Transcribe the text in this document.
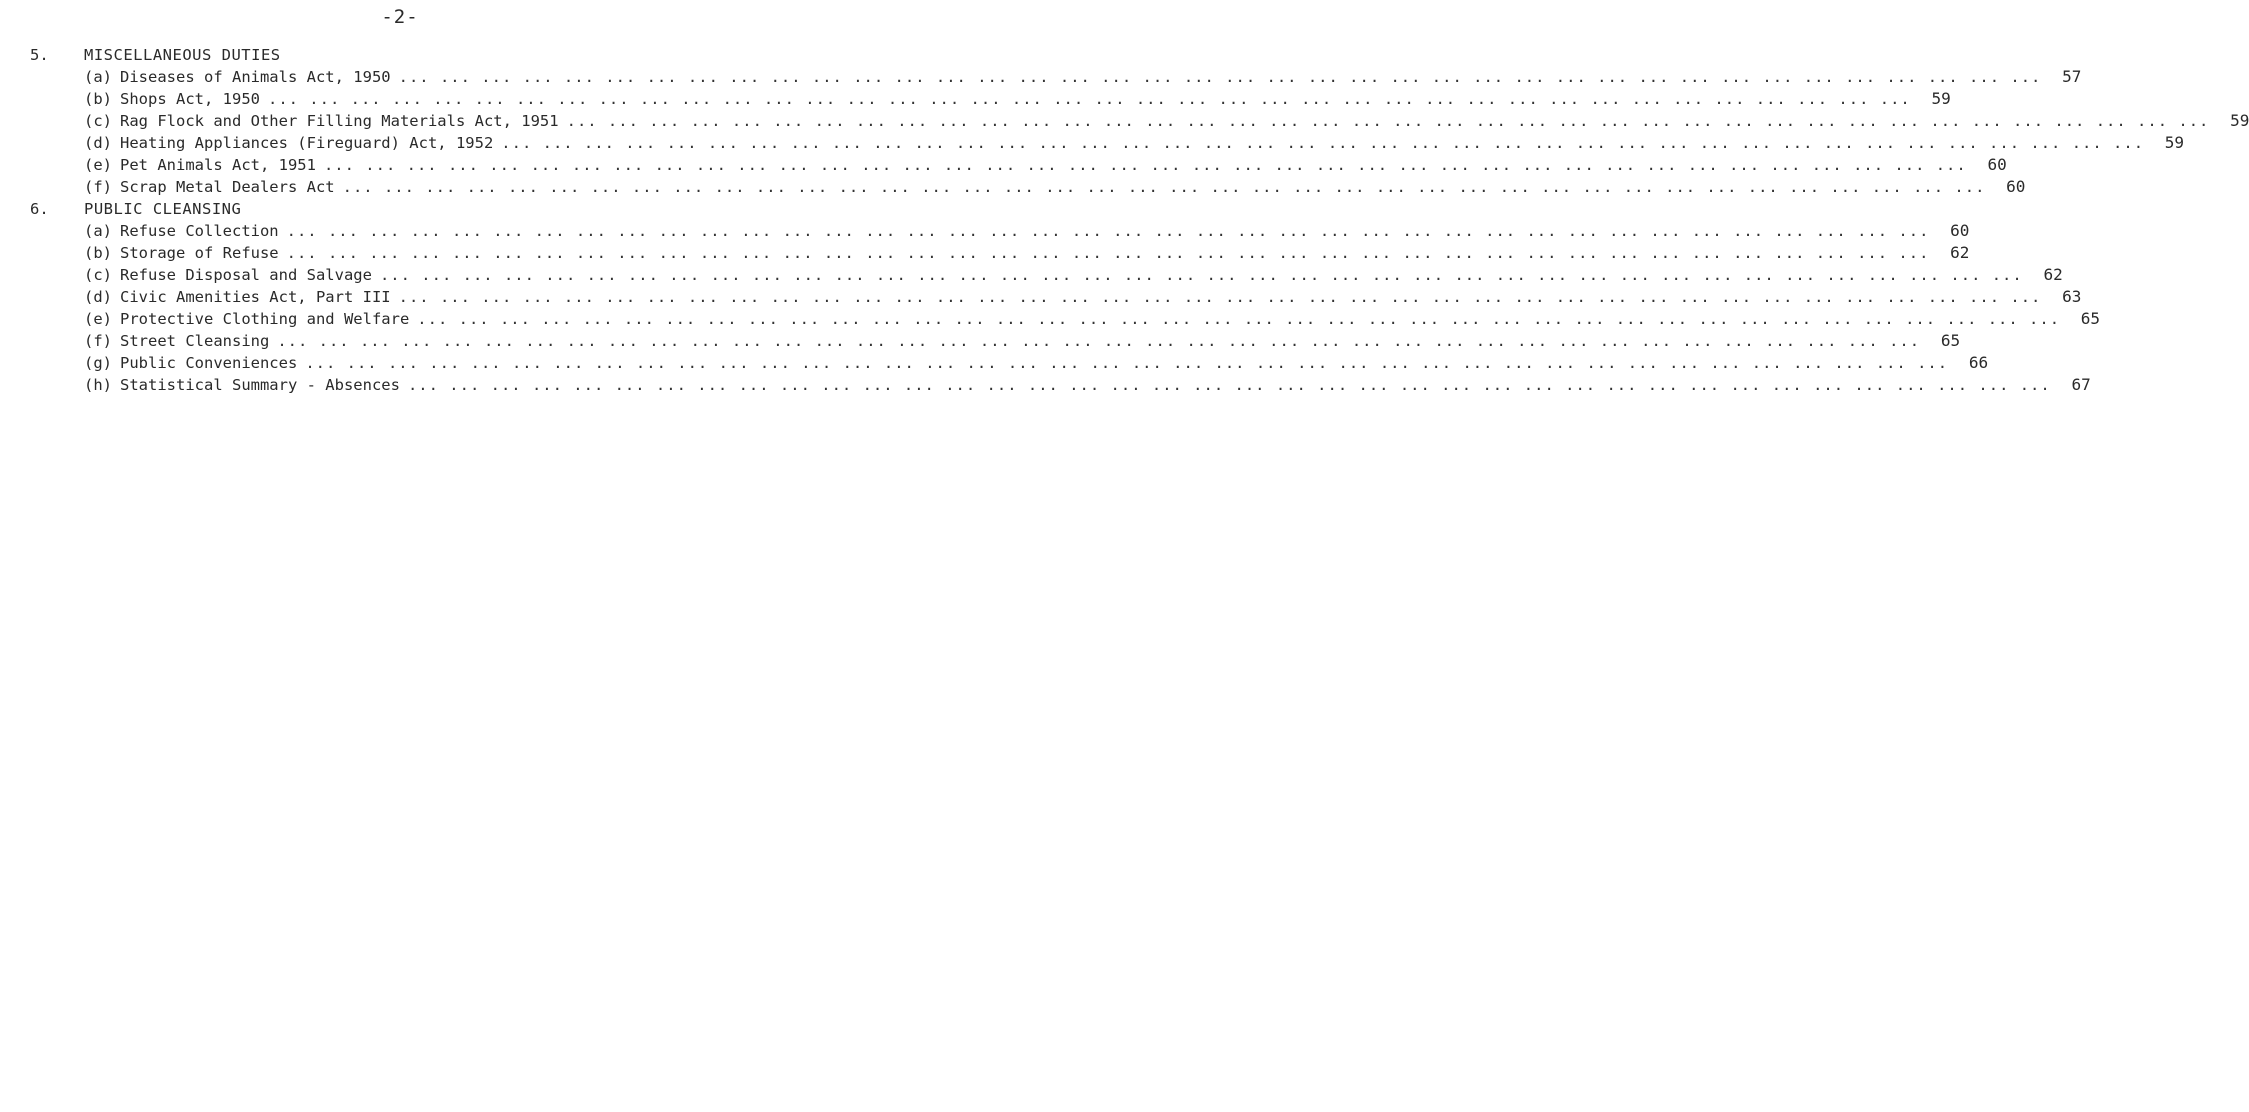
-2-
5.	MISCELLANEOUS DUTIES
(a) Diseases of Animals Act, 1950 ... ... ... ... ... ... ... ... ... ... ... ... ... ... ... ... ... ... ... ... ... ... ... ... ... ... ... ... ... ... ... ... ... ... ... ... ... ... ... ...	57
(b) Shops Act, 1950 ... ... ... ... ... ... ... ... ... ... ... ... ... ... ... ... ... ... ... ... ... ... ... ... ... ... ... ... ... ... ... ... ... ... ... ... ... ... ... ...	59
(c) Rag Flock and Other Filling Materials Act, 1951 ... ... ... ... ... ... ... ... ... ... ... ... ... ... ... ... ... ... ... ... ... ... ... ... ... ... ... ... ... ... ... ... ... ... ... ... ... ... ... ...	59
(d) Heating Appliances (Fireguard) Act, 1952 ... ... ... ... ... ... ... ... ... ... ... ... ... ... ... ... ... ... ... ... ... ... ... ... ... ... ... ... ... ... ... ... ... ... ... ... ... ... ... ...	59
(e) Pet Animals Act, 1951 ... ... ... ... ... ... ... ... ... ... ... ... ... ... ... ... ... ... ... ... ... ... ... ... ... ... ... ... ... ... ... ... ... ... ... ... ... ... ... ...	60
(f) Scrap Metal Dealers Act ... ... ... ... ... ... ... ... ... ... ... ... ... ... ... ... ... ... ... ... ... ... ... ... ... ... ... ... ... ... ... ... ... ... ... ... ... ... ... ...	60
6.	PUBLIC CLEANSING
(a) Refuse Collection ... ... ... ... ... ... ... ... ... ... ... ... ... ... ... ... ... ... ... ... ... ... ... ... ... ... ... ... ... ... ... ... ... ... ... ... ... ... ... ...	60
(b) Storage of Refuse ... ... ... ... ... ... ... ... ... ... ... ... ... ... ... ... ... ... ... ... ... ... ... ... ... ... ... ... ... ... ... ... ... ... ... ... ... ... ... ...	62
(c) Refuse Disposal and Salvage ... ... ... ... ... ... ... ... ... ... ... ... ... ... ... ... ... ... ... ... ... ... ... ... ... ... ... ... ... ... ... ... ... ... ... ... ... ... ... ...	62
(d) Civic Amenities Act, Part III ... ... ... ... ... ... ... ... ... ... ... ... ... ... ... ... ... ... ... ... ... ... ... ... ... ... ... ... ... ... ... ... ... ... ... ... ... ... ... ...	63
(e) Protective Clothing and Welfare ... ... ... ... ... ... ... ... ... ... ... ... ... ... ... ... ... ... ... ... ... ... ... ... ... ... ... ... ... ... ... ... ... ... ... ... ... ... ... ...	65
(f) Street Cleansing ... ... ... ... ... ... ... ... ... ... ... ... ... ... ... ... ... ... ... ... ... ... ... ... ... ... ... ... ... ... ... ... ... ... ... ... ... ... ... ...	65
(g) Public Conveniences ... ... ... ... ... ... ... ... ... ... ... ... ... ... ... ... ... ... ... ... ... ... ... ... ... ... ... ... ... ... ... ... ... ... ... ... ... ... ... ...	66
(h) Statistical Summary - Absences ... ... ... ... ... ... ... ... ... ... ... ... ... ... ... ... ... ... ... ... ... ... ... ... ... ... ... ... ... ... ... ... ... ... ... ... ... ... ... ...	67
